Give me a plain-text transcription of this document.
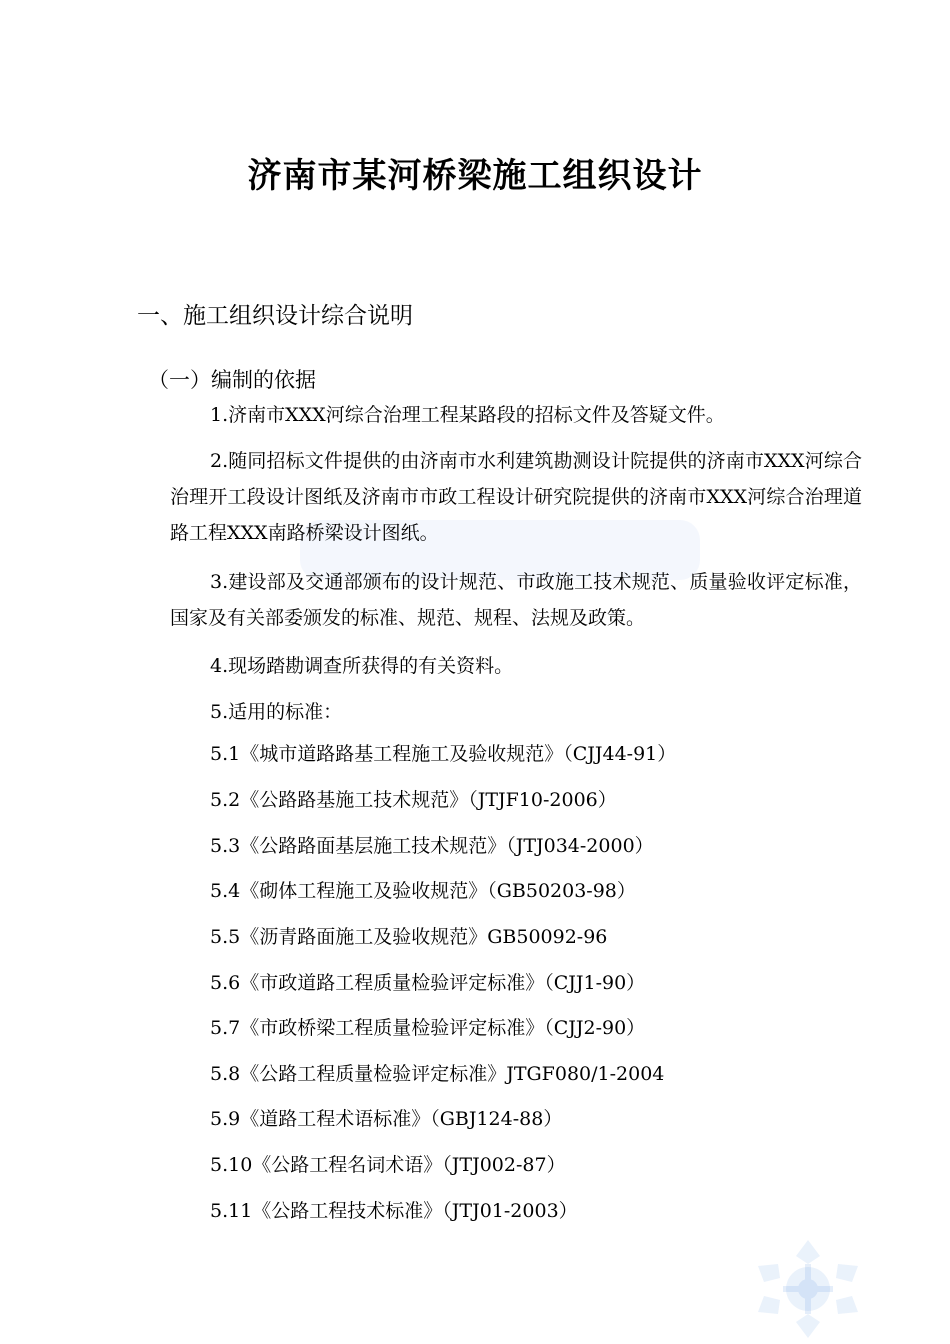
济南市某河桥梁施工组织设计
一、施工组织设计综合说明
（一）编制的依据
1.济南市XXX河综合治理工程某路段的招标文件及答疑文件。
2.随同招标文件提供的由济南市水利建筑勘测设计院提供的济南市XXX河综合治理开工段设计图纸及济南市市政工程设计研究院提供的济南市XXX河综合治理道路工程XXX南路桥梁设计图纸。
3.建设部及交通部颁布的设计规范、市政施工技术规范、质量验收评定标准，国家及有关部委颁发的标准、规范、规程、法规及政策。
4.现场踏勘调查所获得的有关资料。
5.适用的标准：
5.1《城市道路路基工程施工及验收规范》（CJJ44-91）
5.2《公路路基施工技术规范》（JTJF10-2006）
5.3《公路路面基层施工技术规范》（JTJ034-2000）
5.4《砌体工程施工及验收规范》（GB50203-98）
5.5《沥青路面施工及验收规范》GB50092-96
5.6《市政道路工程质量检验评定标准》（CJJ1-90）
5.7《市政桥梁工程质量检验评定标准》（CJJ2-90）
5.8《公路工程质量检验评定标准》JTGF080/1-2004
5.9《道路工程术语标准》（GBJ124-88）
5.10《公路工程名词术语》（JTJ002-87）
5.11《公路工程技术标准》（JTJ01-2003）
